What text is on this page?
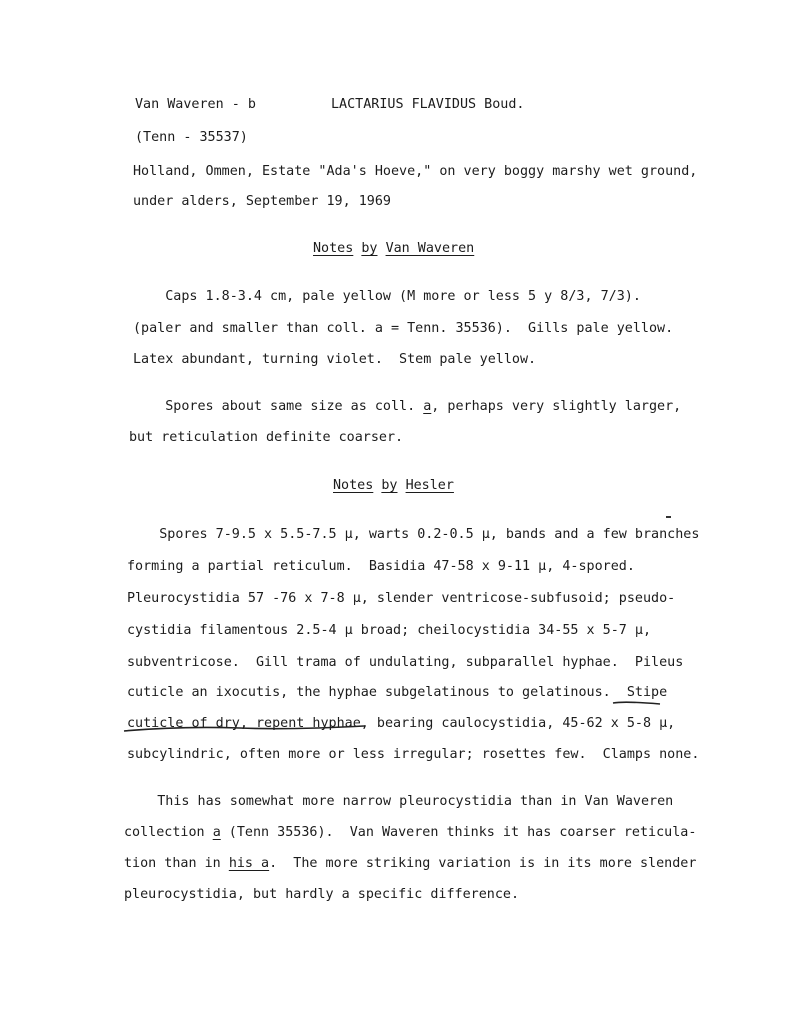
Van Waveren - b	LACTARIUS FLAVIDUS Boud.
(Tenn - 35537)
Holland, Ommen, Estate "Ada's Hoeve," on very boggy marshy wet ground,
under alders, September 19, 1969
Notes by Van Waveren
Caps 1.8-3.4 cm, pale yellow (M more or less 5 y 8/3, 7/3).
(paler and smaller than coll. a = Tenn. 35536).  Gills pale yellow.
Latex abundant, turning violet.  Stem pale yellow.
Spores about same size as coll. a, perhaps very slightly larger,
but reticulation definite coarser.
Notes by Hesler
Spores 7-9.5 x 5.5-7.5 μ, warts 0.2-0.5 μ, bands and a few branches
forming a partial reticulum.  Basidia 47-58 x 9-11 μ, 4-spored.
Pleurocystidia 57 -76 x 7-8 μ, slender ventricose-subfusoid; pseudo-
cystidia filamentous 2.5-4 μ broad; cheilocystidia 34-55 x 5-7 μ,
subventricose.  Gill trama of undulating, subparallel hyphae.  Pileus
cuticle an ixocutis, the hyphae subgelatinous to gelatinous.  Stipe
cuticle of dry, repent hyphae, bearing caulocystidia, 45-62 x 5-8 μ,
subcylindric, often more or less irregular; rosettes few.  Clamps none.
This has somewhat more narrow pleurocystidia than in Van Waveren
collection a (Tenn 35536).  Van Waveren thinks it has coarser reticula-
tion than in his a.  The more striking variation is in its more slender
pleurocystidia, but hardly a specific difference.
